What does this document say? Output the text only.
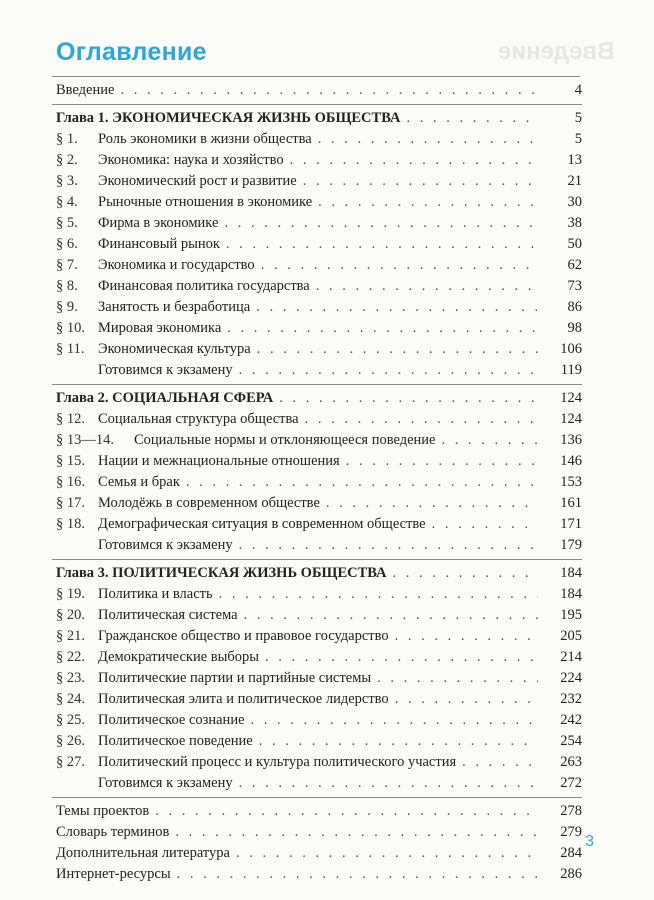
Введение
Оглавление
Введение . . .	4
Глава 1. ЭКОНОМИЧЕСКАЯ ЖИЗНЬ ОБЩЕСТВА . . .	5
§ 1.	Роль экономики в жизни общества . . .	5
§ 2.	Экономика: наука и хозяйство . . .	13
§ 3.	Экономический рост и развитие . . .	21
§ 4.	Рыночные отношения в экономике . . .	30
§ 5.	Фирма в экономике . . .	38
§ 6.	Финансовый рынок . . .	50
§ 7.	Экономика и государство . . .	62
§ 8.	Финансовая политика государства . . .	73
§ 9.	Занятость и безработица . . .	86
§ 10. Мировая экономика . . .	98
§ 11. Экономическая культура . . .	106
Готовимся к экзамену . . .	119
Глава 2. СОЦИАЛЬНАЯ СФЕРА . . .	124
§ 12. Социальная структура общества . . .	124
§ 13—14.	Социальные нормы и отклоняющееся поведение . . .	136
§ 15. Нации и межнациональные отношения . . .	146
§ 16. Семья и брак . . .	153
§ 17. Молодёжь в современном обществе . . .	161
§ 18. Демографическая ситуация в современном обществе . . .	171
Готовимся к экзамену . . .	179
Глава 3. ПОЛИТИЧЕСКАЯ ЖИЗНЬ ОБЩЕСТВА . . .	184
§ 19. Политика и власть . . .	184
§ 20. Политическая система . . .	195
§ 21. Гражданское общество и правовое государство . . .	205
§ 22. Демократические выборы . . .	214
§ 23. Политические партии и партийные системы . . .	224
§ 24. Политическая элита и политическое лидерство . . .	232
§ 25. Политическое сознание . . .	242
§ 26. Политическое поведение . . .	254
§ 27. Политический процесс и культура политического участия . . .	263
Готовимся к экзамену . . .	272
Темы проектов . . .	278
Словарь терминов . . .	279
Дополнительная литература . . .	284
Интернет-ресурсы . . .	286
3
